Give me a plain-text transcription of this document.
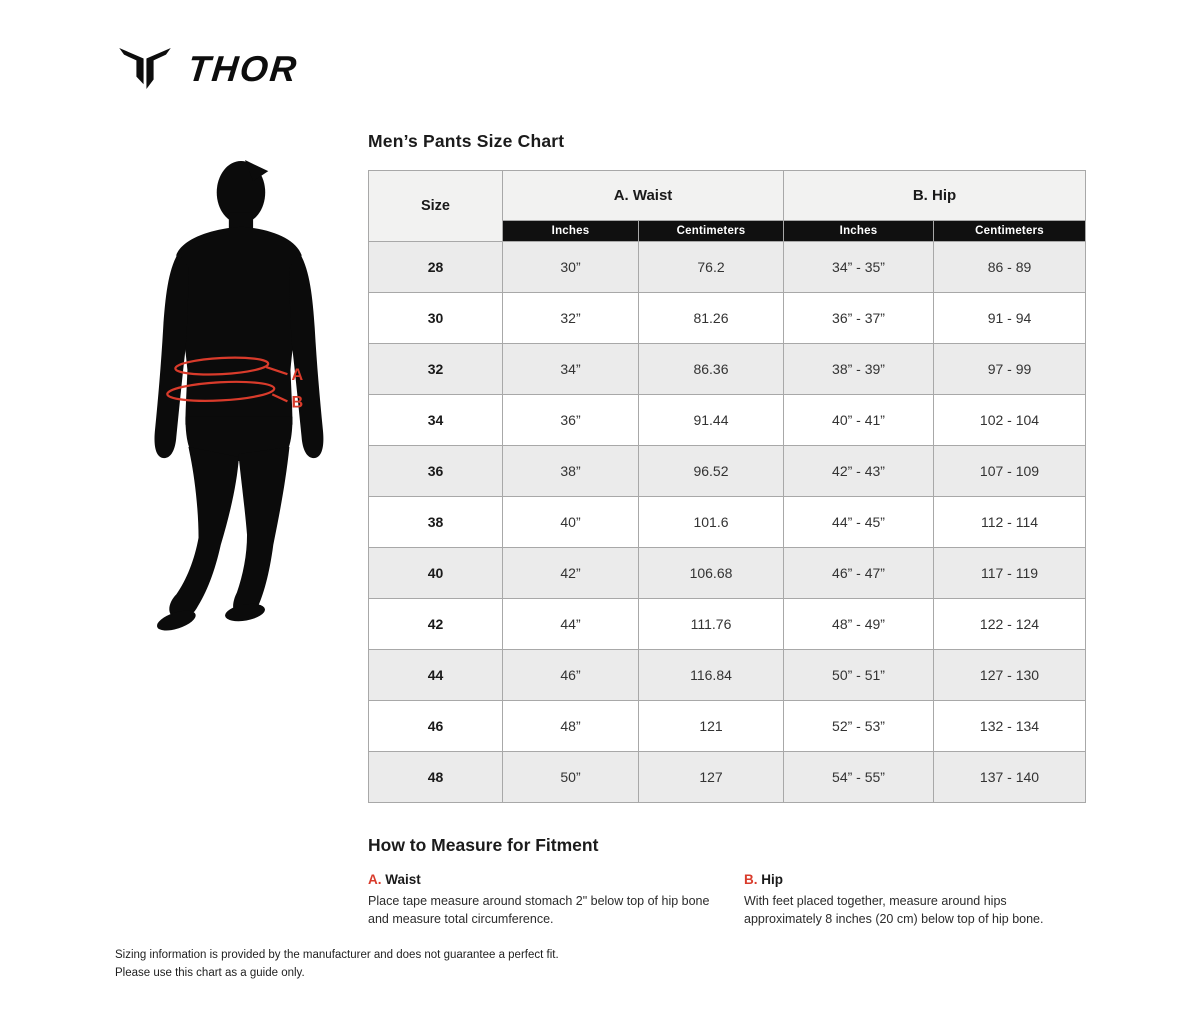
THOR
A
B
Men’s Pants Size Chart
Size	A. Waist		B. Hip	
	Inches	Centimeters	Inches	Centimeters
28	30”	76.2	34” - 35”	86 - 89
30	32”	81.26	36” - 37”	91 - 94
32	34”	86.36	38” - 39”	97 - 99
34	36”	91.44	40” - 41”	102 - 104
36	38”	96.52	42” - 43”	107 - 109
38	40”	101.6	44” - 45”	112 - 114
40	42”	106.68	46” - 47”	117 - 119
42	44”	111.76	48” - 49”	122 - 124
44	46”	116.84	50” - 51”	127 - 130
46	48”	121	52” - 53”	132 - 134
48	50”	127	54” - 55”	137 - 140
How to Measure for Fitment
A. Waist
Place tape measure around stomach 2" below top of hip bone and measure total circumference.
B. Hip
With feet placed together, measure around hips approximately 8 inches (20 cm) below top of hip bone.
Sizing information is provided by the manufacturer and does not guarantee a perfect fit.
Please use this chart as a guide only.
